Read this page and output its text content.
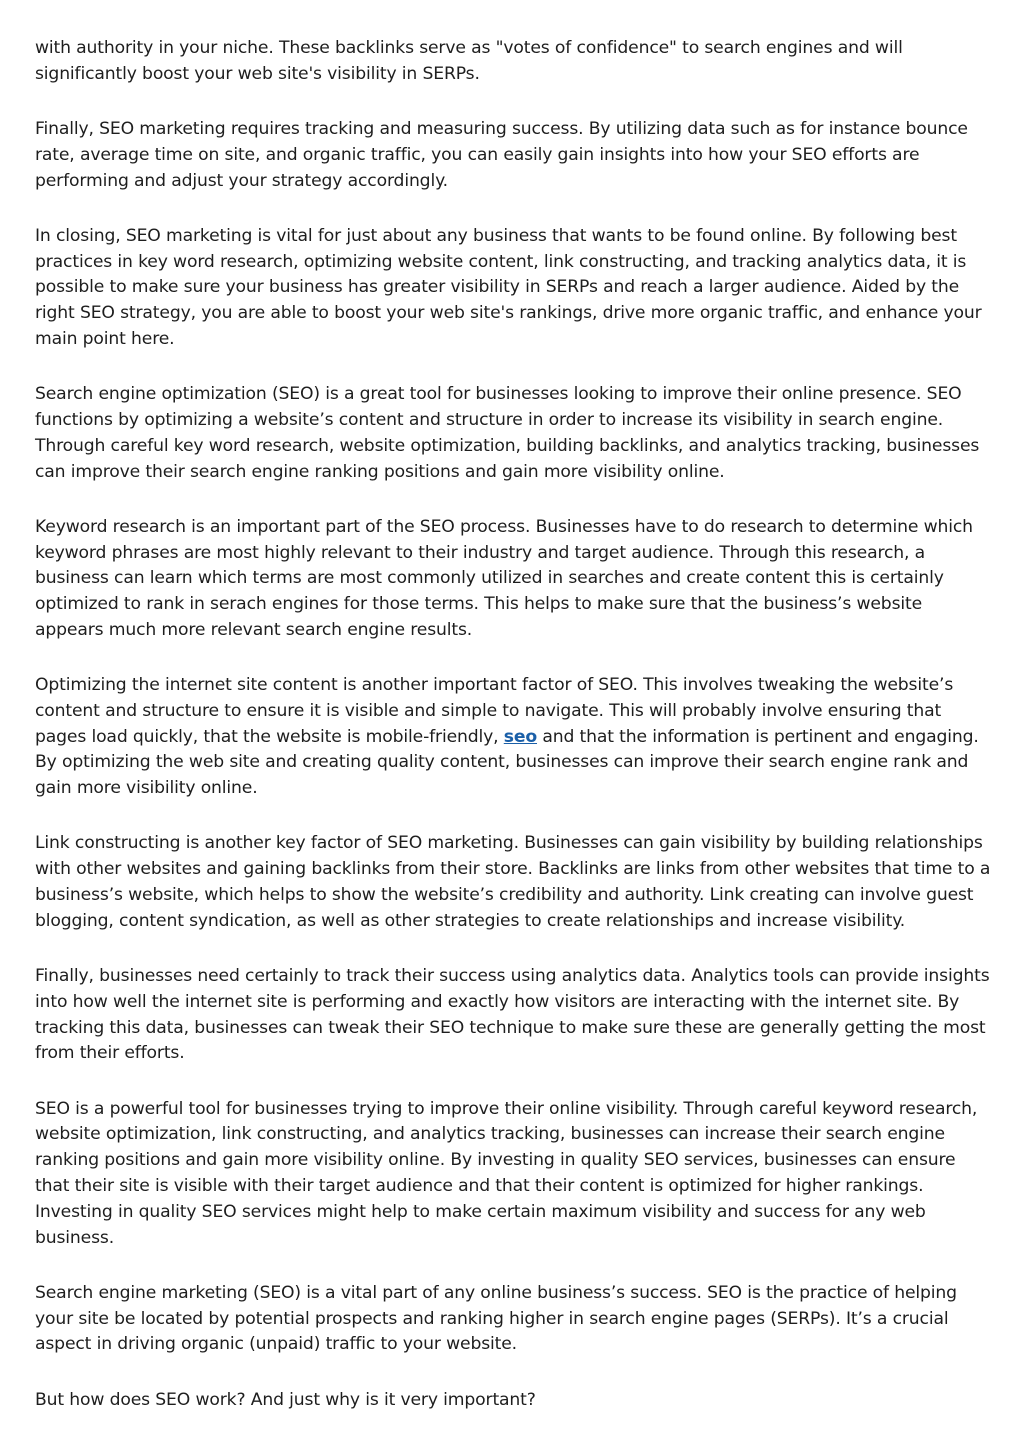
with authority in your niche. These backlinks serve as "votes of confidence" to search engines and will significantly boost your web site's visibility in SERPs.

Finally, SEO marketing requires tracking and measuring success. By utilizing data such as for instance bounce rate, average time on site, and organic traffic, you can easily gain insights into how your SEO efforts are performing and adjust your strategy accordingly.

In closing, SEO marketing is vital for just about any business that wants to be found online. By following best practices in key word research, optimizing website content, link constructing, and tracking analytics data, it is possible to make sure your business has greater visibility in SERPs and reach a larger audience. Aided by the right SEO strategy, you are able to boost your web site's rankings, drive more organic traffic, and enhance your main point here.

Search engine optimization (SEO) is a great tool for businesses looking to improve their online presence. SEO functions by optimizing a website’s content and structure in order to increase its visibility in search engine. Through careful key word research, website optimization, building backlinks, and analytics tracking, businesses can improve their search engine ranking positions and gain more visibility online.

Keyword research is an important part of the SEO process. Businesses have to do research to determine which keyword phrases are most highly relevant to their industry and target audience. Through this research, a business can learn which terms are most commonly utilized in searches and create content this is certainly optimized to rank in serach engines for those terms. This helps to make sure that the business’s website appears much more relevant search engine results.

Optimizing the internet site content is another important factor of SEO. This involves tweaking the website’s content and structure to ensure it is visible and simple to navigate. This will probably involve ensuring that pages load quickly, that the website is mobile-friendly, seo and that the information is pertinent and engaging. By optimizing the web site and creating quality content, businesses can improve their search engine rank and gain more visibility online.

Link constructing is another key factor of SEO marketing. Businesses can gain visibility by building relationships with other websites and gaining backlinks from their store. Backlinks are links from other websites that time to a business’s website, which helps to show the website’s credibility and authority. Link creating can involve guest blogging, content syndication, as well as other strategies to create relationships and increase visibility.

Finally, businesses need certainly to track their success using analytics data. Analytics tools can provide insights into how well the internet site is performing and exactly how visitors are interacting with the internet site. By tracking this data, businesses can tweak their SEO technique to make sure these are generally getting the most from their efforts.

SEO is a powerful tool for businesses trying to improve their online visibility. Through careful keyword research, website optimization, link constructing, and analytics tracking, businesses can increase their search engine ranking positions and gain more visibility online. By investing in quality SEO services, businesses can ensure that their site is visible with their target audience and that their content is optimized for higher rankings. Investing in quality SEO services might help to make certain maximum visibility and success for any web business.

Search engine marketing (SEO) is a vital part of any online business’s success. SEO is the practice of helping your site be located by potential prospects and ranking higher in search engine pages (SERPs). It’s a crucial aspect in driving organic (unpaid) traffic to your website.

But how does SEO work? And just why is it very important?
